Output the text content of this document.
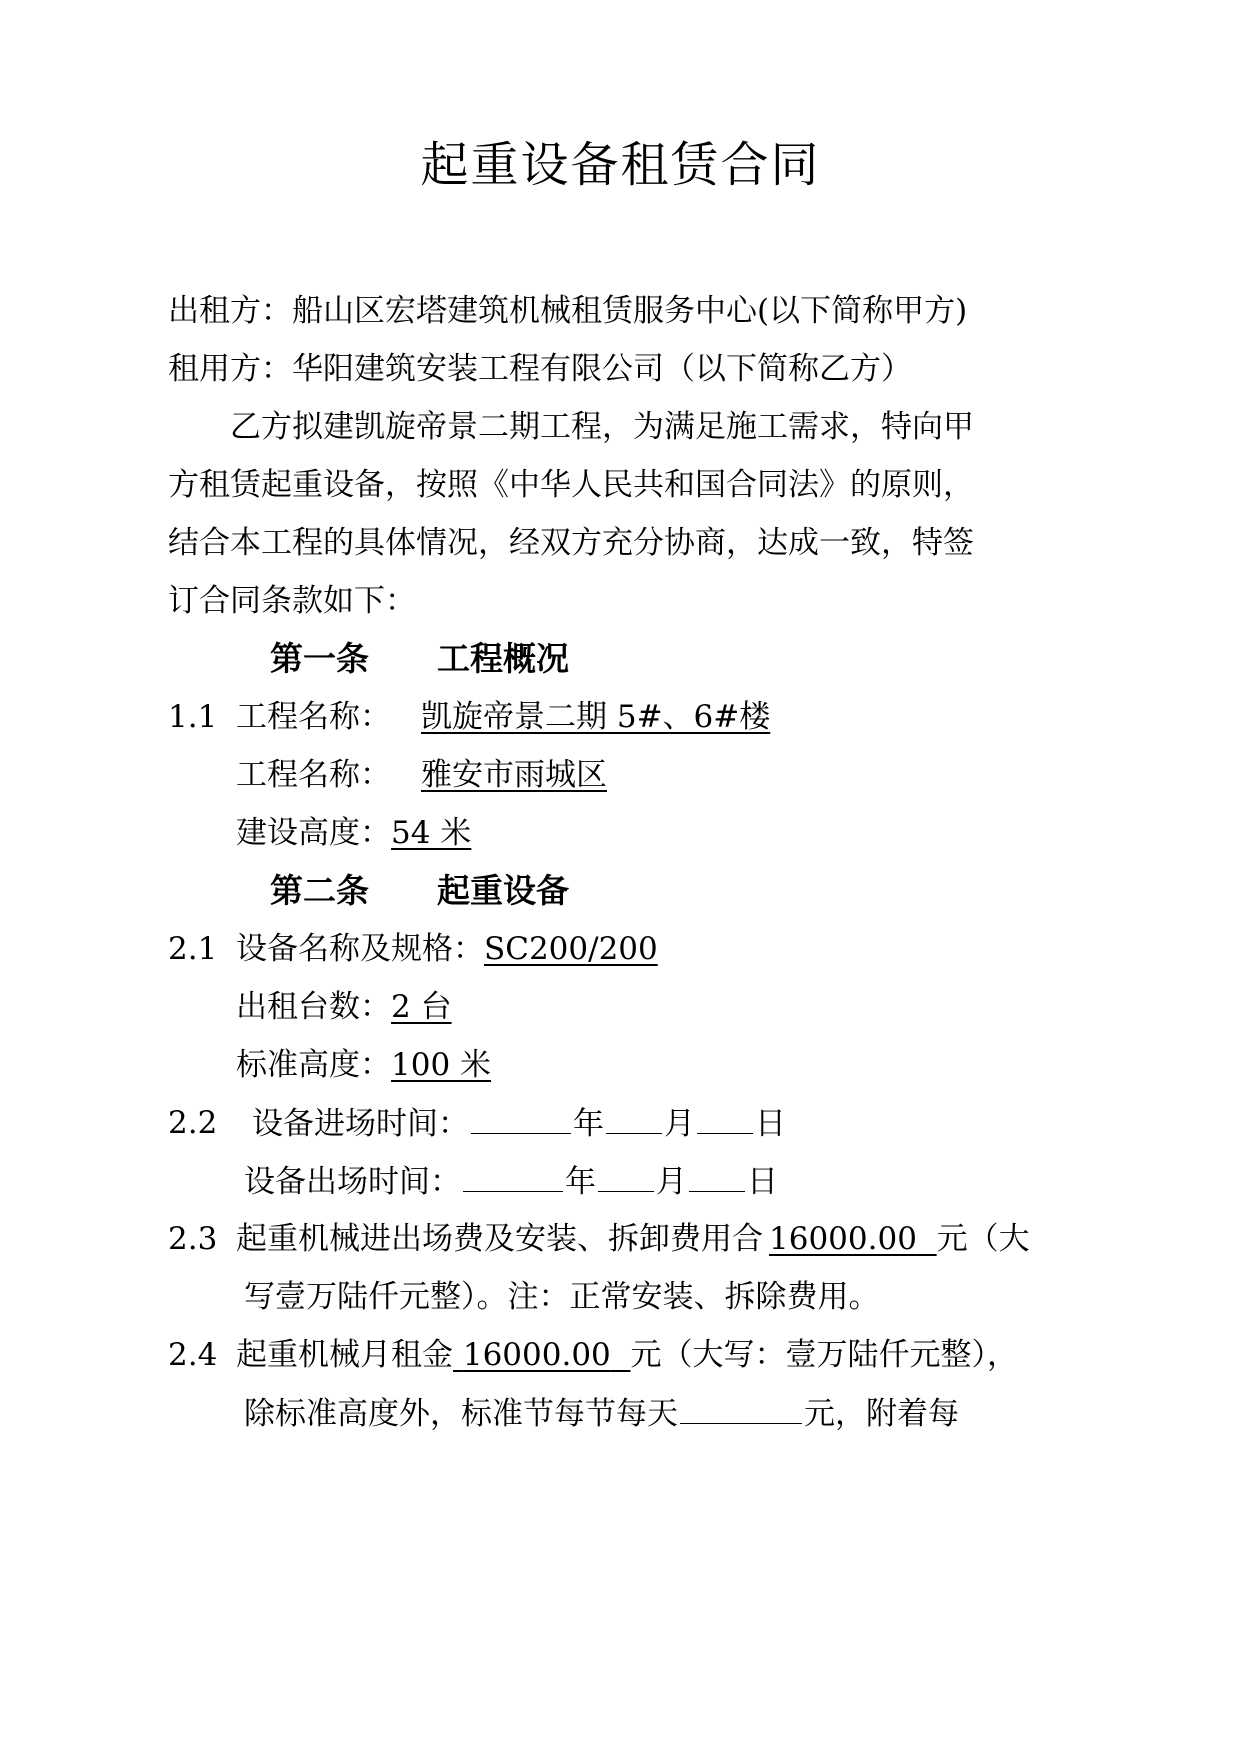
起重设备租赁合同
出租方：船山区宏塔建筑机械租赁服务中心(以下简称甲方)
租用方：华阳建筑安装工程有限公司（以下简称乙方）
乙方拟建凯旋帝景二期工程，为满足施工需求，特向甲
方租赁起重设备，按照《中华人民共和国合同法》的原则，
结合本工程的具体情况，经双方充分协商，达成一致，特签
订合同条款如下：
第一条 工程概况
1.1 工程名称： 凯旋帝景二期 5#、6#楼
工程名称： 雅安市雨城区
建设高度：54 米
第二条 起重设备
2.1 设备名称及规格：SC200/200
出租台数：2 台
标准高度：100 米
2.2 设备进场时间：	年 月 日
设备出场时间：	年 月 日
2.3 起重机械进出场费及安装、拆卸费用合 16000.00 元（大
写壹万陆仟元整）。注：正常安装、拆除费用。
2.4 起重机械月租金 16000.00 元（大写：壹万陆仟元整），
除标准高度外，标准节每节每天	元，附着每
